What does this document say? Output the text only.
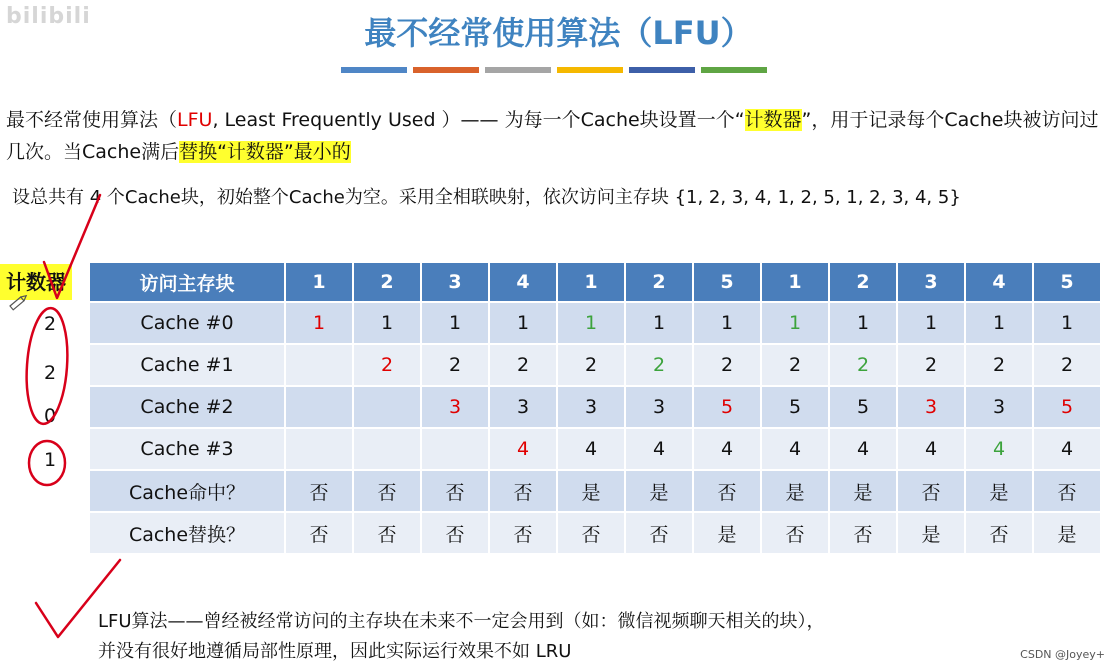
bilibili	最不经常使用算法（LFU）
最不经常使用算法（LFU, Least Frequently Used ）—— 为每一个Cache块设置一个“计数器”，用于记录每个Cache块被访问过几次。当Cache满后替换“计数器”最小的
设总共有 4 个Cache块，初始整个Cache为空。采用全相联映射，依次访问主存块 {1, 2, 3, 4, 1, 2, 5, 1, 2, 3, 4, 5}
计数器
2
2
0
1
访问主存块	1	2	3	4	1	2	5	1	2	3	4	5
Cache #0	1	1	1	1	1	1	1	1	1	1	1	1
Cache #1		2	2	2	2	2	2	2	2	2	2	2
Cache #2			3	3	3	3	5	5	5	3	3	5
Cache #3				4	4	4	4	4	4	4	4	4
Cache命中？	否	否	否	否	是	是	否	是	是	否	是	否
Cache替换？	否	否	否	否	否	否	是	否	否	是	否	是
LFU算法——曾经被经常访问的主存块在未来不一定会用到（如：微信视频聊天相关的块），
并没有很好地遵循局部性原理，因此实际运行效果不如 LRU	CSDN @Joyey+
